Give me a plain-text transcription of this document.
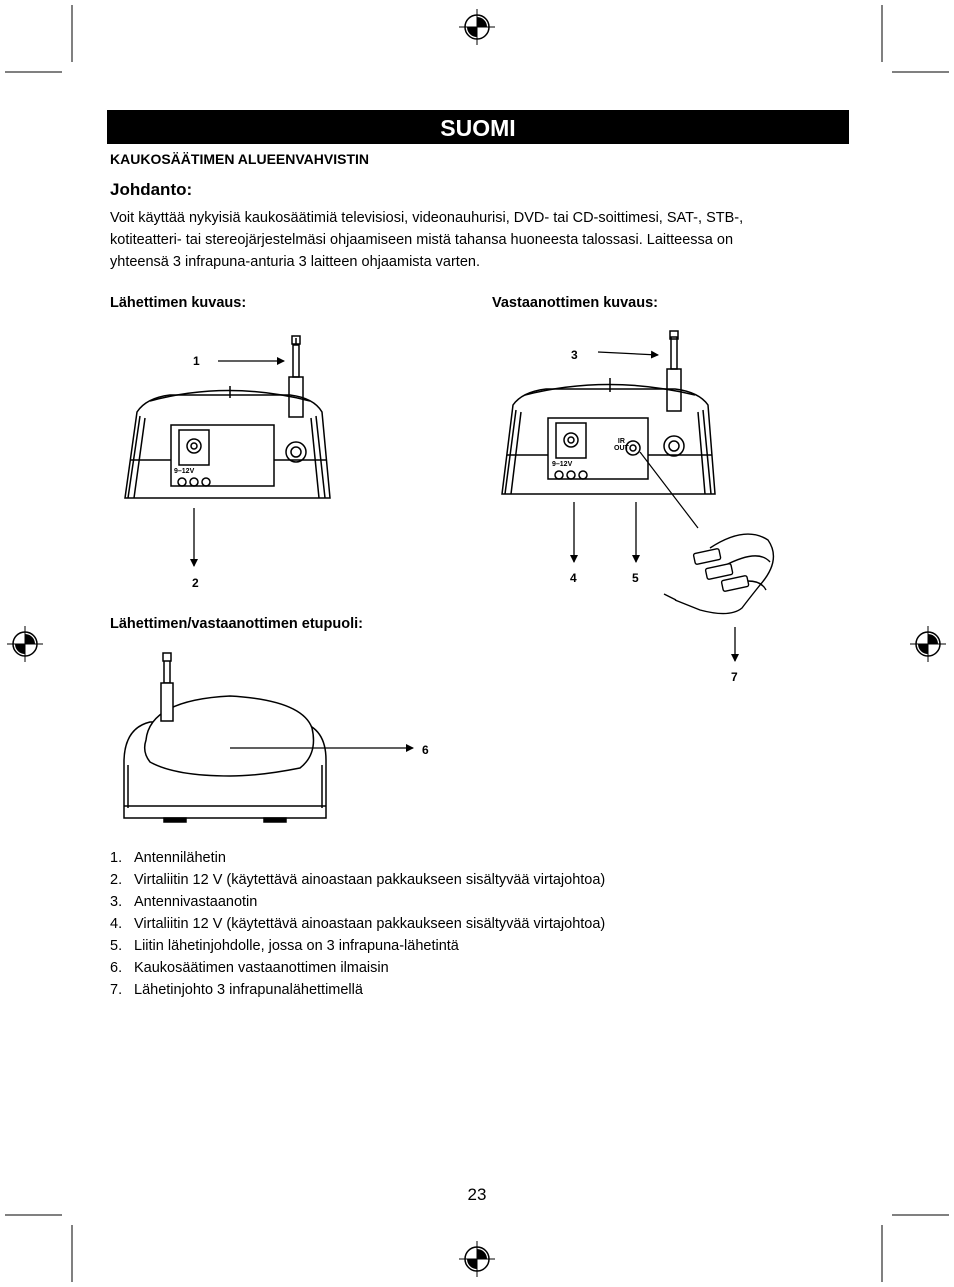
SUOMI
KAUKOSÄÄTIMEN ALUEENVAHVISTIN
Johdanto:
Voit käyttää nykyisiä kaukosäätimiä televisiosi, videonauhurisi, DVD- tai CD-soittimesi, SAT-, STB-,
kotiteatteri- tai stereojärjestelmäsi ohjaamiseen mistä tahansa huoneesta talossasi. Laitteessa on
yhteensä 3 infrapuna-anturia 3 laitteen ohjaamista varten.
Lähettimen kuvaus:	Vastaanottimen kuvaus:
Lähettimen/vastaanottimen etupuoli:
9–12V
9–12V
IR
OUT
1
2
3
4	5
6
7
1. Antennilähetin
2. Virtaliitin 12 V (käytettävä ainoastaan pakkaukseen sisältyvää virtajohtoa)
3. Antennivastaanotin
4. Virtaliitin 12 V (käytettävä ainoastaan pakkaukseen sisältyvää virtajohtoa)
5. Liitin lähetinjohdolle, jossa on 3 infrapuna-lähetintä
6. Kaukosäätimen vastaanottimen ilmaisin
7. Lähetinjohto 3 infrapunalähettimellä
23
